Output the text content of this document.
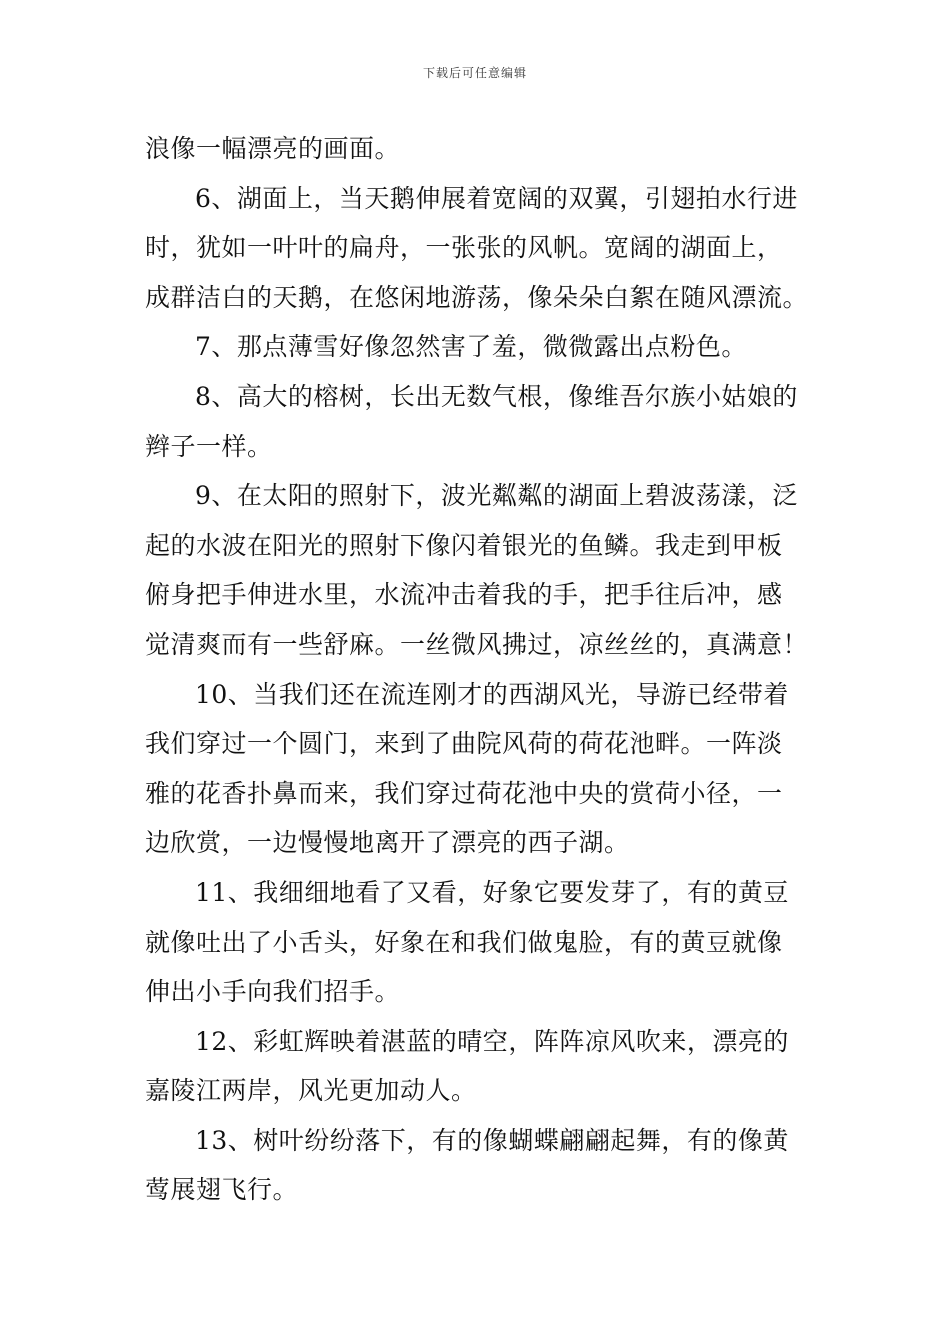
下载后可任意编辑
浪像一幅漂亮的画面。
6、湖面上，当天鹅伸展着宽阔的双翼，引翅拍水行进
时，犹如一叶叶的扁舟，一张张的风帆。宽阔的湖面上，
成群洁白的天鹅，在悠闲地游荡，像朵朵白絮在随风漂流。
7、那点薄雪好像忽然害了羞，微微露出点粉色。
8、高大的榕树，长出无数气根，像维吾尔族小姑娘的
辫子一样。
9、在太阳的照射下，波光粼粼的湖面上碧波荡漾，泛
起的水波在阳光的照射下像闪着银光的鱼鳞。我走到甲板
俯身把手伸进水里，水流冲击着我的手，把手往后冲，感
觉清爽而有一些舒麻。一丝微风拂过，凉丝丝的，真满意！
10、当我们还在流连刚才的西湖风光，导游已经带着
我们穿过一个圆门，来到了曲院风荷的荷花池畔。一阵淡
雅的花香扑鼻而来，我们穿过荷花池中央的赏荷小径，一
边欣赏，一边慢慢地离开了漂亮的西子湖。
11、我细细地看了又看，好象它要发芽了，有的黄豆
就像吐出了小舌头，好象在和我们做鬼脸，有的黄豆就像
伸出小手向我们招手。
12、彩虹辉映着湛蓝的晴空，阵阵凉风吹来，漂亮的
嘉陵江两岸，风光更加动人。
13、树叶纷纷落下，有的像蝴蝶翩翩起舞，有的像黄
莺展翅飞行。
